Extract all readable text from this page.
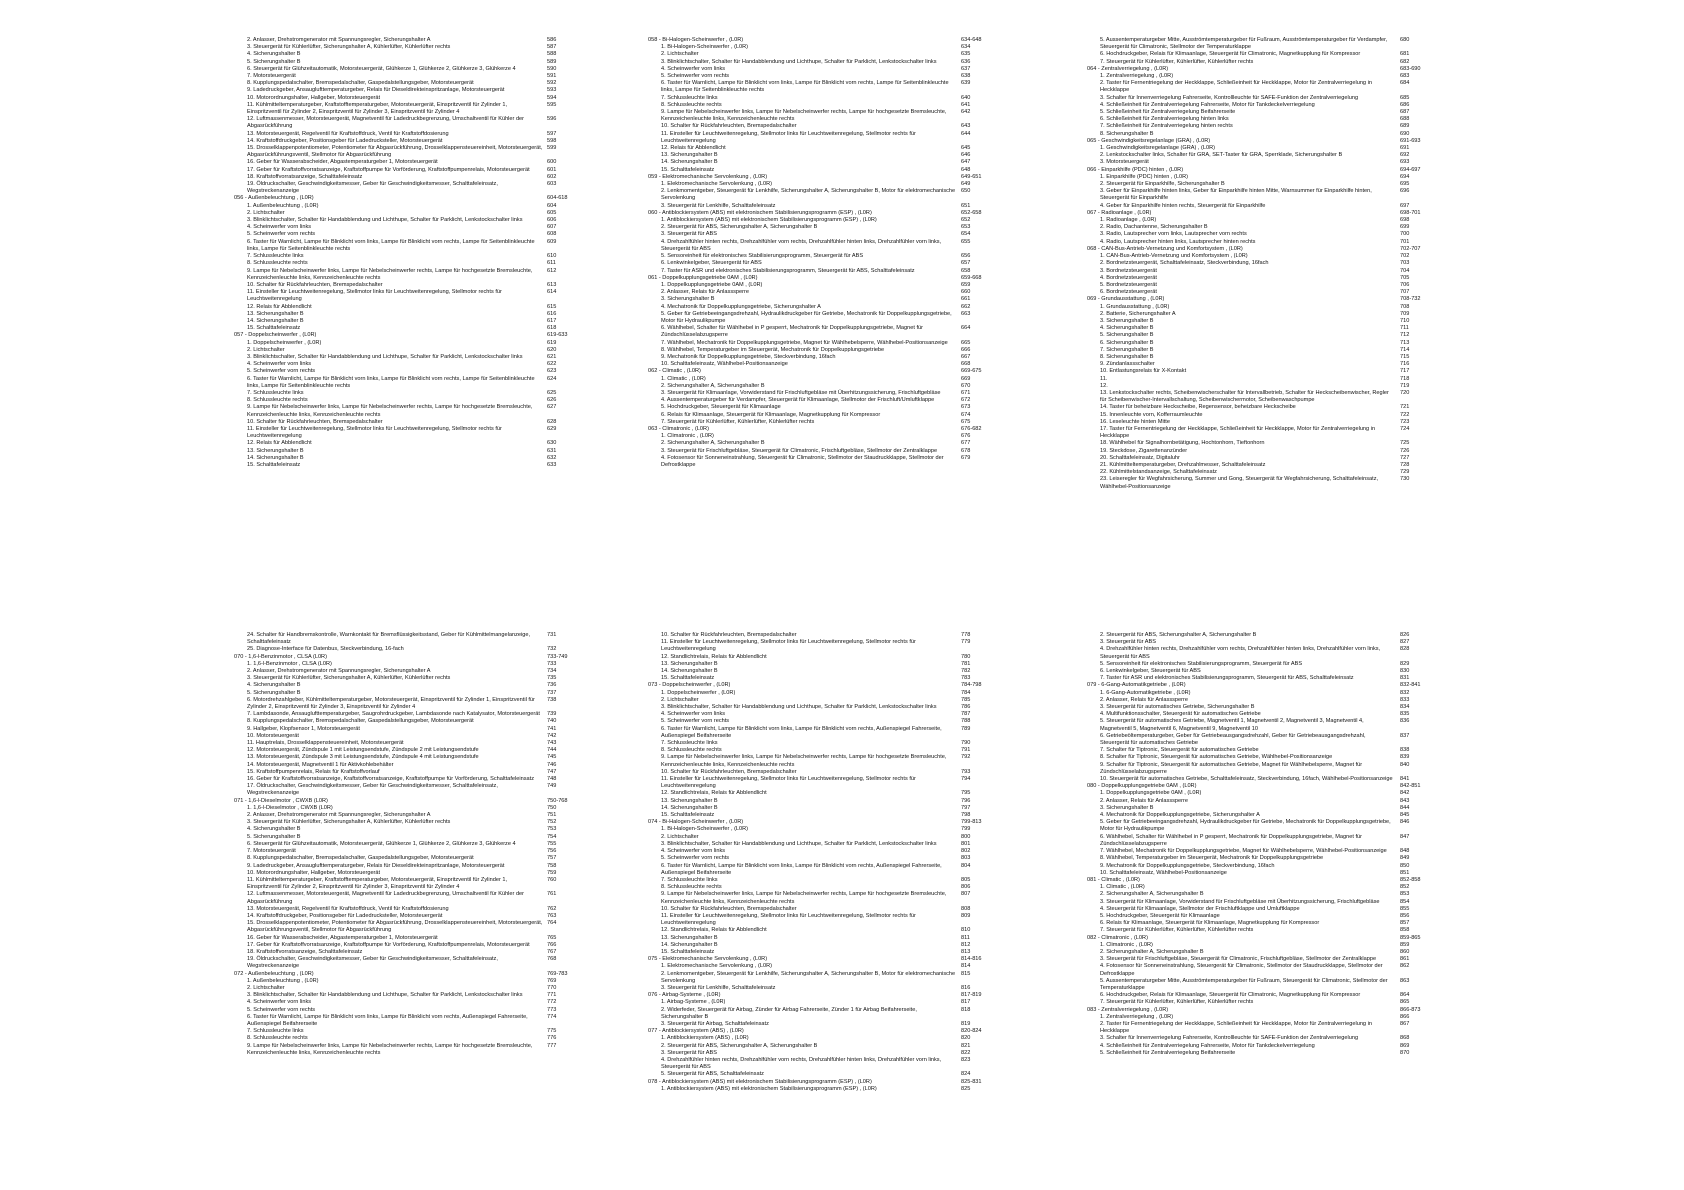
2. Anlasser, Drehstromgenerator mit Spannungsregler, Sicherungshalter A	586
3. Steuergerät für Kühlerlüfter, Sicherungshalter A, Kühlerlüfter, Kühlerlüfter rechts	587
4. Sicherungshalter B	588
5. Sicherungshalter B	589
6. Steuergerät für Glühzeitautomatik, Motorsteuergerät, Glühkerze 1, Glühkerze 2, Glühkerze 3, Glühkerze 4	590
7. Motorsteuergerät	591
8. Kupplungspedalschalter, Bremspedalschalter, Gaspedalstellungsgeber, Motorsteuergerät	592
9. Ladedruckgeber, Ansauglufttemperaturgeber, Relais für Dieseldirekteinspritzanlage, Motorsteuergerät	593
10. Motorordnungshalter, Hallgeber, Motorsteuergerät	594
11. Kühlmitteltemperaturgeber, Kraftstofftemperaturgeber, Motorsteuergerät, Einspritzventil für Zylinder 1, Einspritzventil für Zylinder 2, Einspritzventil für Zylinder 3, Einspritzventil für Zylinder 4
595
12. Luftmassenmesser, Motorsteuergerät, Magnetventil für Ladedruckbegrenzung, Umschaltventil für Kühler der Abgasrückführung
596
13. Motorsteuergerät, Regelventil für Kraftstoffdruck, Ventil für Kraftstoffdosierung	597
14. Kraftstoffdruckgeber, Positionsgeber für Ladedrucksteller, Motorsteuergerät	598
15. Drosselklappenpotentiometer, Potentiometer für Abgasrückführung, Drosselklappensteuereinheit, Motorsteuergerät, Abgasrückführungsventil, Stellmotor für Abgasrückführung
599
16. Geber für Wasserabscheider, Abgastemperaturgeber 1, Motorsteuergerät	600
17. Geber für Kraftstoffvorratsanzeige, Kraftstoffpumpe für Vorförderung, Kraftstoffpumpenrelais, Motorsteuergerät	601
18. Kraftstoffvorratsanzeige, Schalttafeleinsatz	602
19. Öldruckschalter, Geschwindigkeitsmesser, Geber für Geschwindigkeitsmesser, Schalttafeleinsatz, Wegstreckenanzeige
603
056 - Außenbeleuchtung , (L0R)	604-618
1. Außenbeleuchtung , (L0R)	604
2. Lichtschalter	605
3. Blinklichtschalter, Schalter für Handabblendung und Lichthupe, Schalter für Parklicht, Lenkstockschalter links	606
4. Scheinwerfer vorn links	607
5. Scheinwerfer vorn rechts	608
6. Taster für Warnlicht, Lampe für Blinklicht vorn links, Lampe für Blinklicht vorn rechts, Lampe für Seitenblinkleuchte links, Lampe für Seitenblinkleuchte rechts
609
7. Schlussleuchte links	610
8. Schlussleuchte rechts	611
9. Lampe für Nebelscheinwerfer links, Lampe für Nebelscheinwerfer rechts, Lampe für hochgesetzte Bremsleuchte, Kennzeichenleuchte links, Kennzeichenleuchte rechts
612
10. Schalter für Rückfahrleuchten, Bremspedalschalter	613
11. Einsteller für Leuchtweitenregelung, Stellmotor links für Leuchtweitenregelung, Stellmotor rechts für Leuchtweitenregelung
614
12. Relais für Abblendlicht	615
13. Sicherungshalter B	616
14. Sicherungshalter B	617
15. Schalttafeleinsatz	618
057 - Doppelscheinwerfer , (L0R)	619-633
1. Doppelscheinwerfer , (L0R)	619
2. Lichtschalter	620
3. Blinklichtschalter, Schalter für Handabblendung und Lichthupe, Schalter für Parklicht, Lenkstockschalter links	621
4. Scheinwerfer vorn links	622
5. Scheinwerfer vorn rechts	623
6. Taster für Warnlicht, Lampe für Blinklicht vorn links, Lampe für Blinklicht vorn rechts, Lampe für Seitenblinkleuchte links, Lampe für Seitenblinkleuchte rechts
624
7. Schlussleuchte links	625
8. Schlussleuchte rechts	626
9. Lampe für Nebelscheinwerfer links, Lampe für Nebelscheinwerfer rechts, Lampe für hochgesetzte Bremsleuchte, Kennzeichenleuchte links, Kennzeichenleuchte rechts
627
10. Schalter für Rückfahrleuchten, Bremspedalschalter	628
11. Einsteller für Leuchtweitenregelung, Stellmotor links für Leuchtweitenregelung, Stellmotor rechts für Leuchtweitenregelung
629
12. Relais für Abblendlicht	630
13. Sicherungshalter B	631
14. Sicherungshalter B	632
15. Schalttafeleinsatz	633
058 - Bi-Halogen-Scheinwerfer , (L0R)	634-648
1. Bi-Halogen-Scheinwerfer , (L0R)	634
2. Lichtschalter	635
3. Blinklichtschalter, Schalter für Handabblendung und Lichthupe, Schalter für Parklicht, Lenkstockschalter links	636
4. Scheinwerfer vorn links	637
5. Scheinwerfer vorn rechts	638
6. Taster für Warnlicht, Lampe für Blinklicht vorn links, Lampe für Blinklicht vorn rechts, Lampe für Seitenblinkleuchte links, Lampe für Seitenblinkleuchte rechts
639
7. Schlussleuchte links	640
8. Schlussleuchte rechts	641
9. Lampe für Nebelscheinwerfer links, Lampe für Nebelscheinwerfer rechts, Lampe für hochgesetzte Bremsleuchte, Kennzeichenleuchte links, Kennzeichenleuchte rechts
642
10. Schalter für Rückfahrleuchten, Bremspedalschalter	643
11. Einsteller für Leuchtweitenregelung, Stellmotor links für Leuchtweitenregelung, Stellmotor rechts für Leuchtweitenregelung
644
12. Relais für Abblendlicht	645
13. Sicherungshalter B	646
14. Sicherungshalter B	647
15. Schalttafeleinsatz	648
059 - Elektromechanische Servolenkung , (L0R)	649-651
1. Elektromechanische Servolenkung , (L0R)	649
2. Lenkmomentgeber, Steuergerät für Lenkhilfe, Sicherungshalter A, Sicherungshalter B, Motor für elektromechanische Servolenkung
650
3. Steuergerät für Lenkhilfe, Schalttafeleinsatz	651
060 - Antiblockiersystem (ABS) mit elektronischem Stabilisierungsprogramm (ESP) , (L0R)	652-658
1. Antiblockiersystem (ABS) mit elektronischem Stabilisierungsprogramm (ESP) , (L0R)	652
2. Steuergerät für ABS, Sicherungshalter A, Sicherungshalter B	653
3. Steuergerät für ABS	654
4. Drehzahlfühler hinten rechts, Drehzahlfühler vorn rechts, Drehzahlfühler hinten links, Drehzahlfühler vorn links, Steuergerät für ABS
655
5. Sensoreinheit für elektronisches Stabilisierungsprogramm, Steuergerät für ABS	656
6. Lenkwinkelgeber, Steuergerät für ABS	657
7. Taster für ASR und elektronisches Stabilisierungsprogramm, Steuergerät für ABS, Schalttafeleinsatz	658
061 - Doppelkupplungsgetriebe 0AM , (L0R)	659-668
1. Doppelkupplungsgetriebe 0AM , (L0R)	659
2. Anlasser, Relais für Anlasssperre	660
3. Sicherungshalter B	661
4. Mechatronik für Doppelkupplungsgetriebe, Sicherungshalter A	662
5. Geber für Getriebeeingangsdrehzahl, Hydraulikdruckgeber für Getriebe, Mechatronik für Doppelkupplungsgetriebe, Motor für Hydraulikpumpe
663
6. Wählhebel, Schalter für Wählhebel in P gesperrt, Mechatronik für Doppelkupplungsgetriebe, Magnet für Zündschlüsselabzugsperre
664
7. Wählhebel, Mechatronik für Doppelkupplungsgetriebe, Magnet für Wählhebelsperre, Wählhebel-Positionsanzeige	665
8. Wählhebel, Temperaturgeber im Steuergerät, Mechatronik für Doppelkupplungsgetriebe	666
9. Mechatronik für Doppelkupplungsgetriebe, Steckverbindung, 16fach	667
10. Schalttafeleinsatz, Wählhebel-Positionsanzeige	668
062 - Climatic , (L0R)	669-675
1. Climatic , (L0R)	669
2. Sicherungshalter A, Sicherungshalter B	670
3. Steuergerät für Klimaanlage, Vorwiderstand für Frischluftgebläse mit Überhitzungssicherung, Frischluftgebläse	671
4. Aussentemperaturgeber für Verdampfer, Steuergerät für Klimaanlage, Stellmotor der Frischluft/Umluftklappe	672
5. Hochdruckgeber, Steuergerät für Klimaanlage	673
6. Relais für Klimaanlage, Steuergerät für Klimaanlage, Magnetkupplung für Kompressor	674
7. Steuergerät für Kühlerlüfter, Kühlerlüfter, Kühlerlüfter rechts	675
063 - Climatronic , (L0R)	676-682
1. Climatronic , (L0R)	676
2. Sicherungshalter A, Sicherungshalter B	677
3. Steuergerät für Frischluftgebläse, Steuergerät für Climatronic, Frischluftgebläse, Stellmotor der Zentralklappe	678
4. Fotosensor für Sonneneinstrahlung, Steuergerät für Climatronic, Stellmotor der Staudruckklappe, Stellmotor der Defrostklappe
679
5. Aussentemperaturgeber Mitte, Ausströmtemperaturgeber für Fußraum, Ausströmtemperaturgeber für Verdampfer, Steuergerät für Climatronic, Stellmotor der Temperaturklappe
680
6. Hochdruckgeber, Relais für Klimaanlage, Steuergerät für Climatronic, Magnetkupplung für Kompressor	681
7. Steuergerät für Kühlerlüfter, Kühlerlüfter, Kühlerlüfter rechts	682
064 - Zentralverriegelung , (L0R)	683-690
1. Zentralverriegelung , (L0R)	683
2. Taster für Fernentriegelung der Heckklappe, Schließeinheit für Heckklappe, Motor für Zentralverriegelung in Heckklappe
684
3. Schalter für Innenverriegelung Fahrerseite, Kontrollleuchte für SAFE-Funktion der Zentralverriegelung	685
4. Schließeinheit für Zentralverriegelung Fahrerseite, Motor für Tankdeckelverriegelung	686
5. Schließeinheit für Zentralverriegelung Beifahrerseite	687
6. Schließeinheit für Zentralverriegelung hinten links	688
7. Schließeinheit für Zentralverriegelung hinten rechts	689
8. Sicherungshalter B	690
065 - Geschwindigkeitsregelanlage (GRA) , (L0R)	691-693
1. Geschwindigkeitsregelanlage (GRA) , (L0R)	691
2. Lenkstockschalter links, Schalter für GRA, SET-Taster für GRA, Sperrklade, Sicherungshalter B	692
3. Motorsteuergerät	693
066 - Einparkhilfe (PDC) hinten , (L0R)	694-697
1. Einparkhilfe (PDC) hinten , (L0R)	694
2. Steuergerät für Einparkhilfe, Sicherungshalter B	695
3. Geber für Einparkhilfe hinten links, Geber für Einparkhilfe hinten Mitte, Warnsummer für Einparkhilfe hinten, Steuergerät für Einparkhilfe
696
4. Geber für Einparkhilfe hinten rechts, Steuergerät für Einparkhilfe	697
067 - Radioanlage , (L0R)	698-701
1. Radioanlage , (L0R)	698
2. Radio, Dachantenne, Sicherungshalter B	699
3. Radio, Lautsprecher vorn links, Lautsprecher vorn rechts	700
4. Radio, Lautsprecher hinten links, Lautsprecher hinten rechts	701
068 - CAN-Bus-Antrieb-Vernetzung und Komfortsystem , (L0R)	702-707
1. CAN-Bus-Antrieb-Vernetzung und Komfortsystem , (L0R)	702
2. Bordnetzsteuergerät, Schalttafeleinsatz, Steckverbindung, 16fach	703
3. Bordnetzsteuergerät	704
4. Bordnetzsteuergerät	705
5. Bordnetzsteuergerät	706
6. Bordnetzsteuergerät	707
069 - Grundausstattung , (L0R)	708-732
1. Grundausstattung , (L0R)	708
2. Batterie, Sicherungshalter A	709
3. Sicherungshalter B	710
4. Sicherungshalter B	711
5. Sicherungshalter B	712
6. Sicherungshalter B	713
7. Sicherungshalter B	714
8. Sicherungshalter B	715
9. Zündanlassschalter	716
10. Entlastungsrelais für X-Kontakt	717
11.	718
12.	719
13. Lenkstockschalter rechts, Scheibenwischerschalter für Intervallbetrieb, Schalter für Heckscheibenwischer, Regler für Scheibenwischer-Intervallschaltung, Scheibenwischermotor, Scheibenwaschpumpe
720
14. Taster für beheizbare Heckscheibe, Regensensor, beheizbare Heckscheibe	721
15. Innenleuchte vorn, Kofferraumleuchte	722
16. Leseleuchte hinten Mitte	723
17. Taster für Fernentriegelung der Heckklappe, Schließeinheit für Heckklappe, Motor für Zentralverriegelung in Heckklappe
724
18. Wählhebel für Signalhornbetätigung, Hochtonhorn, Tieftonhorn	725
19. Steckdose, Zigarettenanzünder	726
20. Schalttafeleinsatz, Digitaluhr	727
21. Kühlmitteltemperaturgeber, Drehzahlmesser, Schalttafeleinsatz	728
22. Kühlmittelstandsanzeige, Schalttafeleinsatz	729
23. Leiseregler für Wegfahrsicherung, Summer und Gong, Steuergerät für Wegfahrsicherung, Schalttafeleinsatz, Wählhebel-Positionsanzeige
730
24. Schalter für Handbremskontrolle, Warnkontakt für Bremsflüssigkeitsstand, Geber für Kühlmittelmangelanzeige, Schalttafeleinsatz
731
25. Diagnose-Interface für Datenbus, Steckverbindung, 16-fach	732
070 - 1,6-l-Benzinmotor , CLSA (L0R)	733-749
1. 1,6-l-Benzinmotor , CLSA (L0R)	733
2. Anlasser, Drehstromgenerator mit Spannungsregler, Sicherungshalter A	734
3. Steuergerät für Kühlerlüfter, Sicherungshalter A, Kühlerlüfter, Kühlerlüfter rechts	735
4. Sicherungshalter B	736
5. Sicherungshalter B	737
6. Motordrehzahlgeber, Kühlmitteltemperaturgeber, Motorsteuergerät, Einspritzventil für Zylinder 1, Einspritzventil für Zylinder 2, Einspritzventil für Zylinder 3, Einspritzventil für Zylinder 4
738
7. Lambdasonde, Ansauglufttemperaturgeber, Saugrohrdruckgeber, Lambdasonde nach Katalysator, Motorsteuergerät	739
8. Kupplungspedalschalter, Bremspedalschalter, Gaspedalstellungsgeber, Motorsteuergerät	740
9. Hallgeber, Klopfsensor 1, Motorsteuergerät	741
10. Motorsteuergerät	742
11. Hauptrelais, Drosselklappensteuereinheit, Motorsteuergerät	743
12. Motorsteuergerät, Zündspule 1 mit Leistungsendstufe, Zündspule 2 mit Leistungsendstufe	744
13. Motorsteuergerät, Zündspule 3 mit Leistungsendstufe, Zündspule 4 mit Leistungsendstufe	745
14. Motorsteuergerät, Magnetventil 1 für Aktivkohlebehälter	746
15. Kraftstoffpumpenrelais, Relais für Kraftstoffvorlauf	747
16. Geber für Kraftstoffvorratsanzeige, Kraftstoffvorratsanzeige, Kraftstoffpumpe für Vorförderung, Schalttafeleinsatz	748
17. Öldruckschalter, Geschwindigkeitsmesser, Geber für Geschwindigkeitsmesser, Schalttafeleinsatz, Wegstreckenanzeige
749
071 - 1,6-l-Dieselmotor , CWXB (L0R)	750-768
1. 1,6-l-Dieselmotor , CWXB (L0R)	750
2. Anlasser, Drehstromgenerator mit Spannungsregler, Sicherungshalter A	751
3. Steuergerät für Kühlerlüfter, Sicherungshalter A, Kühlerlüfter, Kühlerlüfter rechts	752
4. Sicherungshalter B	753
5. Sicherungshalter B	754
6. Steuergerät für Glühzeitautomatik, Motorsteuergerät, Glühkerze 1, Glühkerze 2, Glühkerze 3, Glühkerze 4	755
7. Motorsteuergerät	756
8. Kupplungspedalschalter, Bremspedalschalter, Gaspedalstellungsgeber, Motorsteuergerät	757
9. Ladedruckgeber, Ansauglufttemperaturgeber, Relais für Dieseldirekteinspritzanlage, Motorsteuergerät	758
10. Motorordnungshalter, Hallgeber, Motorsteuergerät	759
11. Kühlmitteltemperaturgeber, Kraftstofftemperaturgeber, Motorsteuergerät, Einspritzventil für Zylinder 1, Einspritzventil für Zylinder 2, Einspritzventil für Zylinder 3, Einspritzventil für Zylinder 4
760
12. Luftmassenmesser, Motorsteuergerät, Magnetventil für Ladedruckbegrenzung, Umschaltventil für Kühler der Abgasrückführung
761
13. Motorsteuergerät, Regelventil für Kraftstoffdruck, Ventil für Kraftstoffdosierung	762
14. Kraftstoffdruckgeber, Positionsgeber für Ladedrucksteller, Motorsteuergerät	763
15. Drosselklappenpotentiometer, Potentiometer für Abgasrückführung, Drosselklappensteuereinheit, Motorsteuergerät, Abgasrückführungsventil, Stellmotor für Abgasrückführung
764
16. Geber für Wasserabscheider, Abgastemperaturgeber 1, Motorsteuergerät	765
17. Geber für Kraftstoffvorratsanzeige, Kraftstoffpumpe für Vorförderung, Kraftstoffpumpenrelais, Motorsteuergerät	766
18. Kraftstoffvorratsanzeige, Schalttafeleinsatz	767
19. Öldruckschalter, Geschwindigkeitsmesser, Geber für Geschwindigkeitsmesser, Schalttafeleinsatz, Wegstreckenanzeige
768
072 - Außenbeleuchtung , (L0R)	769-783
1. Außenbeleuchtung , (L0R)	769
2. Lichtschalter	770
3. Blinklichtschalter, Schalter für Handabblendung und Lichthupe, Schalter für Parklicht, Lenkstockschalter links	771
4. Scheinwerfer vorn links	772
5. Scheinwerfer vorn rechts	773
6. Taster für Warnlicht, Lampe für Blinklicht vorn links, Lampe für Blinklicht vorn rechts, Außenspiegel Fahrerseite, Außenspiegel Beifahrerseite
774
7. Schlussleuchte links	775
8. Schlussleuchte rechts	776
9. Lampe für Nebelscheinwerfer links, Lampe für Nebelscheinwerfer rechts, Lampe für hochgesetzte Bremsleuchte, Kennzeichenleuchte links, Kennzeichenleuchte rechts
777
10. Schalter für Rückfahrleuchten, Bremspedalschalter	778
11. Einsteller für Leuchtweitenregelung, Stellmotor links für Leuchtweitenregelung, Stellmotor rechts für Leuchtweitenregelung
779
12. Standlichtrelais, Relais für Abblendlicht	780
13. Sicherungshalter B	781
14. Sicherungshalter B	782
15. Schalttafeleinsatz	783
073 - Doppelscheinwerfer , (L0R)	784-798
1. Doppelscheinwerfer , (L0R)	784
2. Lichtschalter	785
3. Blinklichtschalter, Schalter für Handabblendung und Lichthupe, Schalter für Parklicht, Lenkstockschalter links	786
4. Scheinwerfer vorn links	787
5. Scheinwerfer vorn rechts	788
6. Taster für Warnlicht, Lampe für Blinklicht vorn links, Lampe für Blinklicht vorn rechts, Außenspiegel Fahrerseite, Außenspiegel Beifahrerseite
789
7. Schlussleuchte links	790
8. Schlussleuchte rechts	791
9. Lampe für Nebelscheinwerfer links, Lampe für Nebelscheinwerfer rechts, Lampe für hochgesetzte Bremsleuchte, Kennzeichenleuchte links, Kennzeichenleuchte rechts
792
10. Schalter für Rückfahrleuchten, Bremspedalschalter	793
11. Einsteller für Leuchtweitenregelung, Stellmotor links für Leuchtweitenregelung, Stellmotor rechts für Leuchtweitenregelung
794
12. Standlichtrelais, Relais für Abblendlicht	795
13. Sicherungshalter B	796
14. Sicherungshalter B	797
15. Schalttafeleinsatz	798
074 - Bi-Halogen-Scheinwerfer , (L0R)	799-813
1. Bi-Halogen-Scheinwerfer , (L0R)	799
2. Lichtschalter	800
3. Blinklichtschalter, Schalter für Handabblendung und Lichthupe, Schalter für Parklicht, Lenkstockschalter links	801
4. Scheinwerfer vorn links	802
5. Scheinwerfer vorn rechts	803
6. Taster für Warnlicht, Lampe für Blinklicht vorn links, Lampe für Blinklicht vorn rechts, Außenspiegel Fahrerseite, Außenspiegel Beifahrerseite
804
7. Schlussleuchte links	805
8. Schlussleuchte rechts	806
9. Lampe für Nebelscheinwerfer links, Lampe für Nebelscheinwerfer rechts, Lampe für hochgesetzte Bremsleuchte, Kennzeichenleuchte links, Kennzeichenleuchte rechts
807
10. Schalter für Rückfahrleuchten, Bremspedalschalter	808
11. Einsteller für Leuchtweitenregelung, Stellmotor links für Leuchtweitenregelung, Stellmotor rechts für Leuchtweitenregelung
809
12. Standlichtrelais, Relais für Abblendlicht	810
13. Sicherungshalter B	811
14. Sicherungshalter B	812
15. Schalttafeleinsatz	813
075 - Elektromechanische Servolenkung , (L0R)	814-816
1. Elektromechanische Servolenkung , (L0R)	814
2. Lenkmomentgeber, Steuergerät für Lenkhilfe, Sicherungshalter A, Sicherungshalter B, Motor für elektromechanische Servolenkung
815
3. Steuergerät für Lenkhilfe, Schalttafeleinsatz	816
076 - Airbag-Systeme , (L0R)	817-819
1. Airbag-Systeme , (L0R)	817
2. Widerfeder, Steuergerät für Airbag, Zünder für Airbag Fahrerseite, Zünder 1 für Airbag Beifahrerseite, Sicherungshalter B
818
3. Steuergerät für Airbag, Schalttafeleinsatz	819
077 - Antiblockiersystem (ABS) , (L0R)	820-824
1. Antiblockiersystem (ABS) , (L0R)	820
2. Steuergerät für ABS, Sicherungshalter A, Sicherungshalter B	821
3. Steuergerät für ABS	822
4. Drehzahlfühler hinten rechts, Drehzahlfühler vorn rechts, Drehzahlfühler hinten links, Drehzahlfühler vorn links, Steuergerät für ABS
823
5. Steuergerät für ABS, Schalttafeleinsatz	824
078 - Antiblockiersystem (ABS) mit elektronischem Stabilisierungsprogramm (ESP) , (L0R)	825-831
1. Antiblockiersystem (ABS) mit elektronischem Stabilisierungsprogramm (ESP) , (L0R)	825
2. Steuergerät für ABS, Sicherungshalter A, Sicherungshalter B	826
3. Steuergerät für ABS	827
4. Drehzahlfühler hinten rechts, Drehzahlfühler vorn rechts, Drehzahlfühler hinten links, Drehzahlfühler vorn links, Steuergerät für ABS
828
5. Sensoreinheit für elektronisches Stabilisierungsprogramm, Steuergerät für ABS	829
6. Lenkwinkelgeber, Steuergerät für ABS	830
7. Taster für ASR und elektronisches Stabilisierungsprogramm, Steuergerät für ABS, Schalttafeleinsatz	831
079 - 6-Gang-Automatikgetriebe , (L0R)	832-841
1. 6-Gang-Automatikgetriebe , (L0R)	832
2. Anlasser, Relais für Anlasssperre	833
3. Steuergerät für automatisches Getriebe, Sicherungshalter B	834
4. Multifunktionsschalter, Steuergerät für automatisches Getriebe	835
5. Steuergerät für automatisches Getriebe, Magnetventil 1, Magnetventil 2, Magnetventil 3, Magnetventil 4, Magnetventil 5, Magnetventil 6, Magnetventil 9, Magnetventil 10
836
6. Getriebeöltemperaturgeber, Geber für Getriebeausgangsdrehzahl, Geber für Getriebeausgangsdrehzahl, Steuergerät für automatisches Getriebe
837
7. Schalter für Tiptronic, Steuergerät für automatisches Getriebe	838
8. Schalter für Tiptronic, Steuergerät für automatisches Getriebe, Wählhebel-Positionsanzeige	839
9. Schalter für Tiptronic, Steuergerät für automatisches Getriebe, Magnet für Wählhebelsperre, Magnet für Zündschlüsselabzugsperre
840
10. Steuergerät für automatisches Getriebe, Schalttafeleinsatz, Steckverbindung, 16fach, Wählhebel-Positionsanzeige	841
080 - Doppelkupplungsgetriebe 0AM , (L0R)	842-851
1. Doppelkupplungsgetriebe 0AM , (L0R)	842
2. Anlasser, Relais für Anlasssperre	843
3. Sicherungshalter B	844
4. Mechatronik für Doppelkupplungsgetriebe, Sicherungshalter A	845
5. Geber für Getriebeeingangsdrehzahl, Hydraulikdruckgeber für Getriebe, Mechatronik für Doppelkupplungsgetriebe, Motor für Hydraulikpumpe
846
6. Wählhebel, Schalter für Wählhebel in P gesperrt, Mechatronik für Doppelkupplungsgetriebe, Magnet für Zündschlüsselabzugsperre
847
7. Wählhebel, Mechatronik für Doppelkupplungsgetriebe, Magnet für Wählhebelsperre, Wählhebel-Positionsanzeige	848
8. Wählhebel, Temperaturgeber im Steuergerät, Mechatronik für Doppelkupplungsgetriebe	849
9. Mechatronik für Doppelkupplungsgetriebe, Steckverbindung, 16fach	850
10. Schalttafeleinsatz, Wählhebel-Positionsanzeige	851
081 - Climatic , (L0R)	852-858
1. Climatic , (L0R)	852
2. Sicherungshalter A, Sicherungshalter B	853
3. Steuergerät für Klimaanlage, Vorwiderstand für Frischluftgebläse mit Überhitzungssicherung, Frischluftgebläse	854
4. Steuergerät für Klimaanlage, Stellmotor der Frischluftklappe und Umluftklappe	855
5. Hochdruckgeber, Steuergerät für Klimaanlage	856
6. Relais für Klimaanlage, Steuergerät für Klimaanlage, Magnetkupplung für Kompressor	857
7. Steuergerät für Kühlerlüfter, Kühlerlüfter, Kühlerlüfter rechts	858
082 - Climatronic , (L0R)	859-865
1. Climatronic , (L0R)	859
2. Sicherungshalter A, Sicherungshalter B	860
3. Steuergerät für Frischluftgebläse, Steuergerät für Climatronic, Frischluftgebläse, Stellmotor der Zentralklappe	861
4. Fotosensor für Sonneneinstrahlung, Steuergerät für Climatronic, Stellmotor der Staudruckklappe, Stellmotor der Defrostklappe
862
5. Aussentemperaturgeber Mitte, Ausströmtemperaturgeber für Fußraum, Steuergerät für Climatronic, Stellmotor der Temperaturklappe
863
6. Hochdruckgeber, Relais für Klimaanlage, Steuergerät für Climatronic, Magnetkupplung für Kompressor	864
7. Steuergerät für Kühlerlüfter, Kühlerlüfter, Kühlerlüfter rechts	865
083 - Zentralverriegelung , (L0R)	866-873
1. Zentralverriegelung , (L0R)	866
2. Taster für Fernentriegelung der Heckklappe, Schließeinheit für Heckklappe, Motor für Zentralverriegelung in Heckklappe
867
3. Schalter für Innenverriegelung Fahrerseite, Kontrollleuchte für SAFE-Funktion der Zentralverriegelung	868
4. Schließeinheit für Zentralverriegelung Fahrerseite, Motor für Tankdeckelverriegelung	869
5. Schließeinheit für Zentralverriegelung Beifahrerseite	870
